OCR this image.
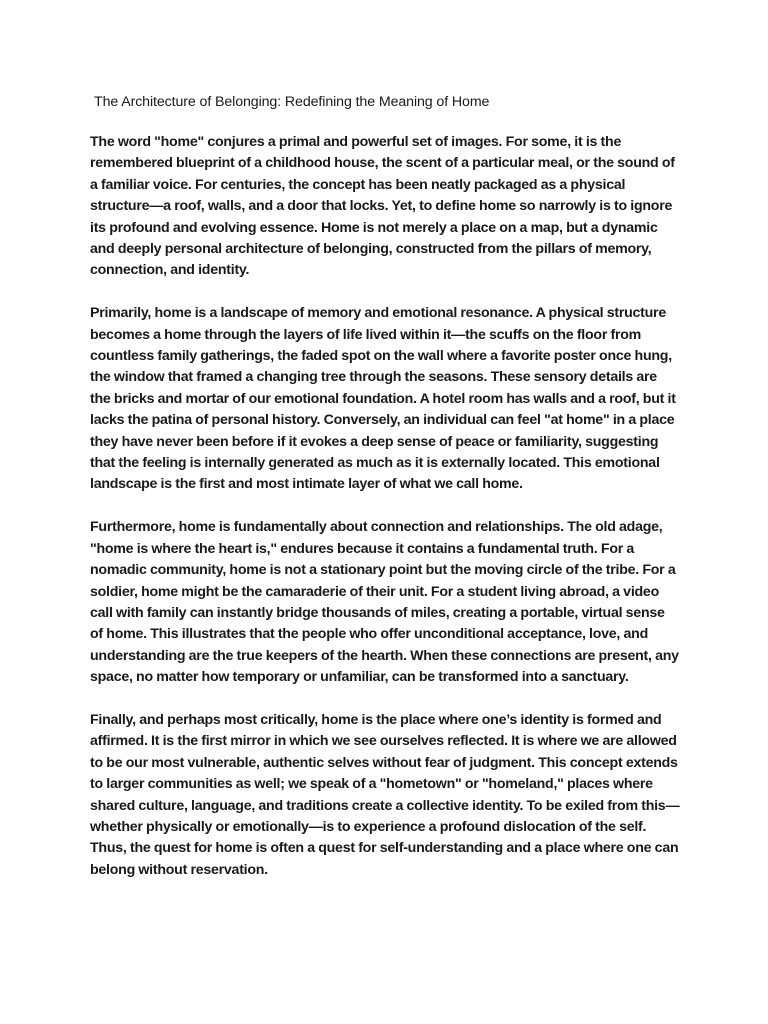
The Architecture of Belonging: Redefining the Meaning of Home

The word "home" conjures a primal and powerful set of images. For some, it is the remembered blueprint of a childhood house, the scent of a particular meal, or the sound of a familiar voice. For centuries, the concept has been neatly packaged as a physical structure—a roof, walls, and a door that locks. Yet, to define home so narrowly is to ignore its profound and evolving essence. Home is not merely a place on a map, but a dynamic and deeply personal architecture of belonging, constructed from the pillars of memory, connection, and identity.

Primarily, home is a landscape of memory and emotional resonance. A physical structure becomes a home through the layers of life lived within it—the scuffs on the floor from countless family gatherings, the faded spot on the wall where a favorite poster once hung, the window that framed a changing tree through the seasons. These sensory details are the bricks and mortar of our emotional foundation. A hotel room has walls and a roof, but it lacks the patina of personal history. Conversely, an individual can feel "at home" in a place they have never been before if it evokes a deep sense of peace or familiarity, suggesting that the feeling is internally generated as much as it is externally located. This emotional landscape is the first and most intimate layer of what we call home.

Furthermore, home is fundamentally about connection and relationships. The old adage, "home is where the heart is," endures because it contains a fundamental truth. For a nomadic community, home is not a stationary point but the moving circle of the tribe. For a soldier, home might be the camaraderie of their unit. For a student living abroad, a video call with family can instantly bridge thousands of miles, creating a portable, virtual sense of home. This illustrates that the people who offer unconditional acceptance, love, and understanding are the true keepers of the hearth. When these connections are present, any space, no matter how temporary or unfamiliar, can be transformed into a sanctuary.

Finally, and perhaps most critically, home is the place where one’s identity is formed and affirmed. It is the first mirror in which we see ourselves reflected. It is where we are allowed to be our most vulnerable, authentic selves without fear of judgment. This concept extends to larger communities as well; we speak of a "hometown" or "homeland," places where shared culture, language, and traditions create a collective identity. To be exiled from this—whether physically or emotionally—is to experience a profound dislocation of the self. Thus, the quest for home is often a quest for self-understanding and a place where one can belong without reservation.
